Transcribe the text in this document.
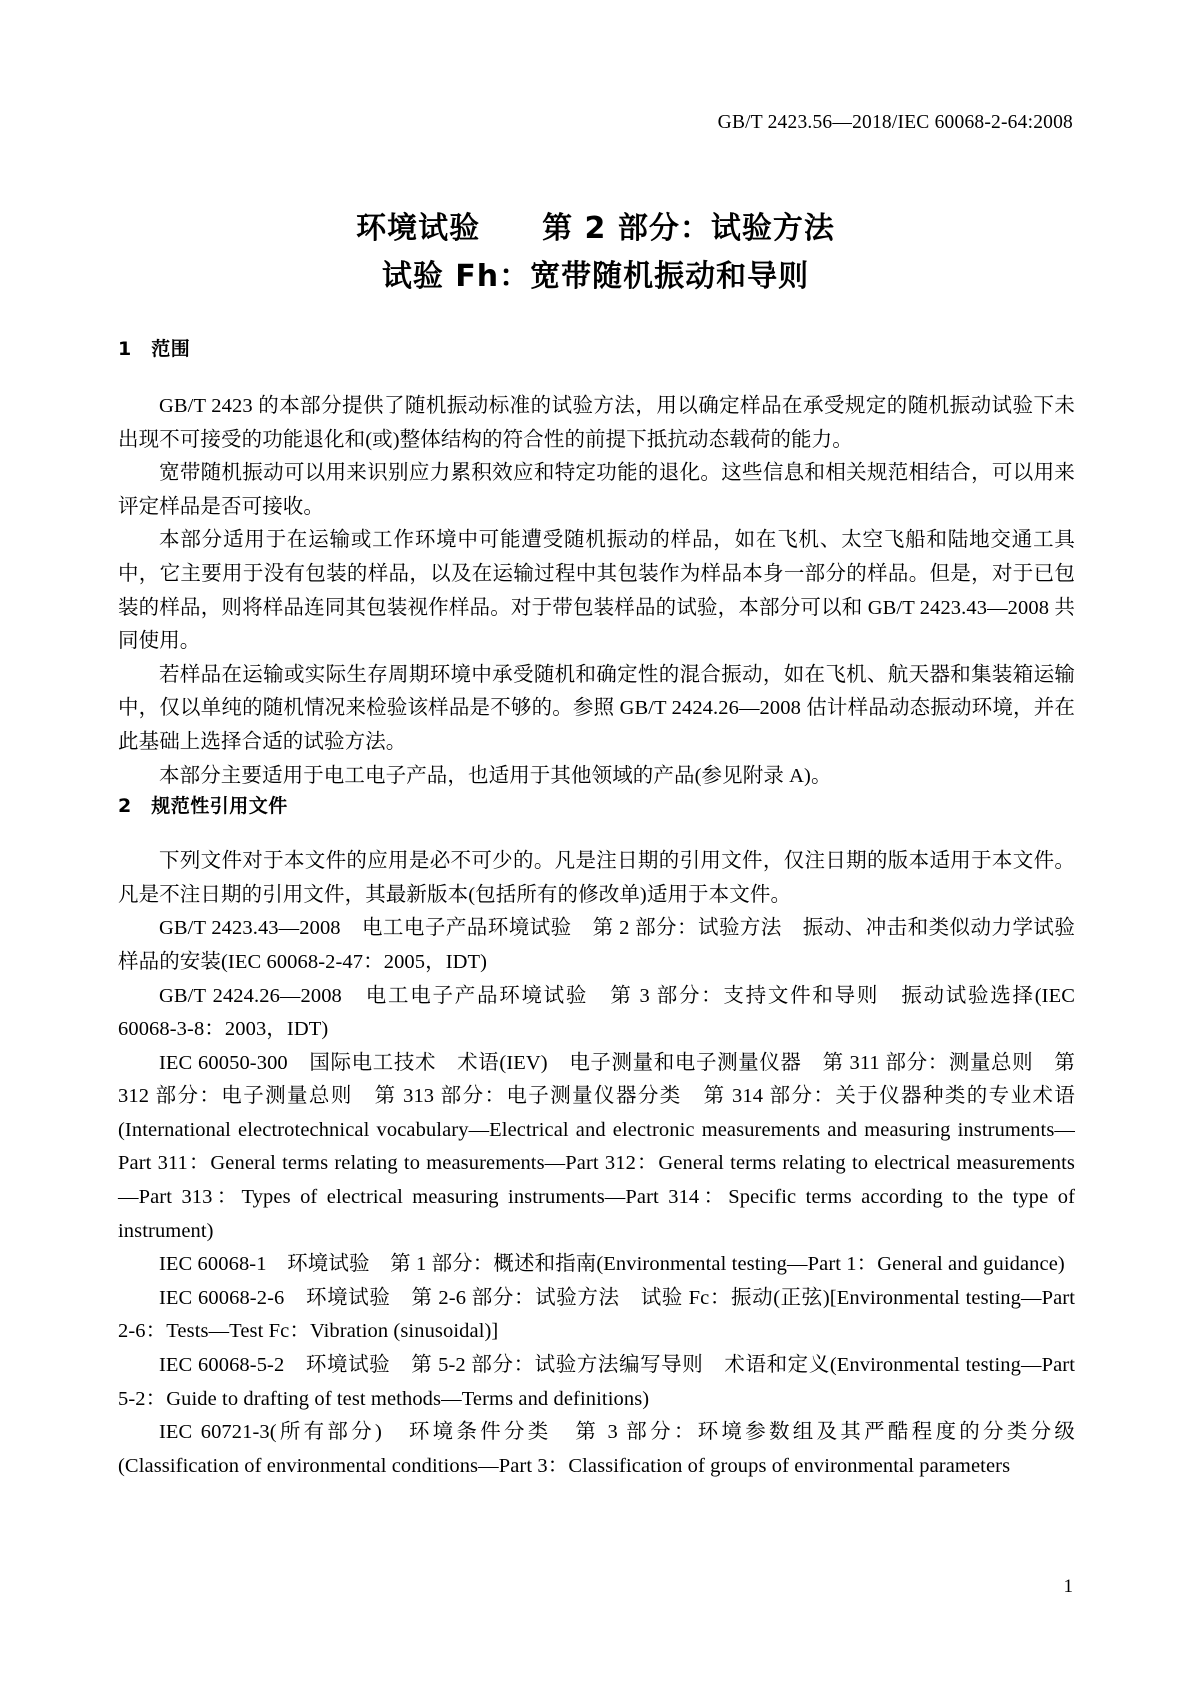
GB/T 2423.56—2018/IEC 60068-2-64:2008
环境试验　　第 2 部分：试验方法
试验 Fh：宽带随机振动和导则
1　范围

GB/T 2423 的本部分提供了随机振动标准的试验方法，用以确定样品在承受规定的随机振动试验下未出现不可接受的功能退化和(或)整体结构的符合性的前提下抵抗动态载荷的能力。

宽带随机振动可以用来识别应力累积效应和特定功能的退化。这些信息和相关规范相结合，可以用来评定样品是否可接收。

本部分适用于在运输或工作环境中可能遭受随机振动的样品，如在飞机、太空飞船和陆地交通工具中，它主要用于没有包装的样品，以及在运输过程中其包装作为样品本身一部分的样品。但是，对于已包装的样品，则将样品连同其包装视作样品。对于带包装样品的试验，本部分可以和 GB/T 2423.43—2008 共同使用。

若样品在运输或实际生存周期环境中承受随机和确定性的混合振动，如在飞机、航天器和集装箱运输中，仅以单纯的随机情况来检验该样品是不够的。参照 GB/T 2424.26—2008 估计样品动态振动环境，并在此基础上选择合适的试验方法。

本部分主要适用于电工电子产品，也适用于其他领域的产品(参见附录 A)。

2　规范性引用文件

下列文件对于本文件的应用是必不可少的。凡是注日期的引用文件，仅注日期的版本适用于本文件。凡是不注日期的引用文件，其最新版本(包括所有的修改单)适用于本文件。

GB/T 2423.43—2008　电工电子产品环境试验　第 2 部分：试验方法　振动、冲击和类似动力学试验样品的安装(IEC 60068-2-47：2005，IDT)

GB/T 2424.26—2008　电工电子产品环境试验　第 3 部分：支持文件和导则　振动试验选择(IEC 60068-3-8：2003，IDT)

IEC 60050-300　国际电工技术　术语(IEV)　电子测量和电子测量仪器　第 311 部分：测量总则　第 312 部分：电子测量总则　第 313 部分：电子测量仪器分类　第 314 部分：关于仪器种类的专业术语(International electrotechnical vocabulary—Electrical and electronic measurements and measuring instruments—Part 311：General terms relating to measurements—Part 312：General terms relating to electrical measurements—Part 313：Types of electrical measuring instruments—Part 314：Specific terms according to the type of instrument)

IEC 60068-1　环境试验　第 1 部分：概述和指南(Environmental testing—Part 1：General and guidance)

IEC 60068-2-6　环境试验　第 2-6 部分：试验方法　试验 Fc：振动(正弦)[Environmental testing—Part 2-6：Tests—Test Fc：Vibration (sinusoidal)]

IEC 60068-5-2　环境试验　第 5-2 部分：试验方法编写导则　术语和定义(Environmental testing—Part 5-2：Guide to drafting of test methods—Terms and definitions)

IEC 60721-3(所有部分)　环境条件分类　第 3 部分：环境参数组及其严酷程度的分类分级(Classification of environmental conditions—Part 3：Classification of groups of environmental parameters

1
